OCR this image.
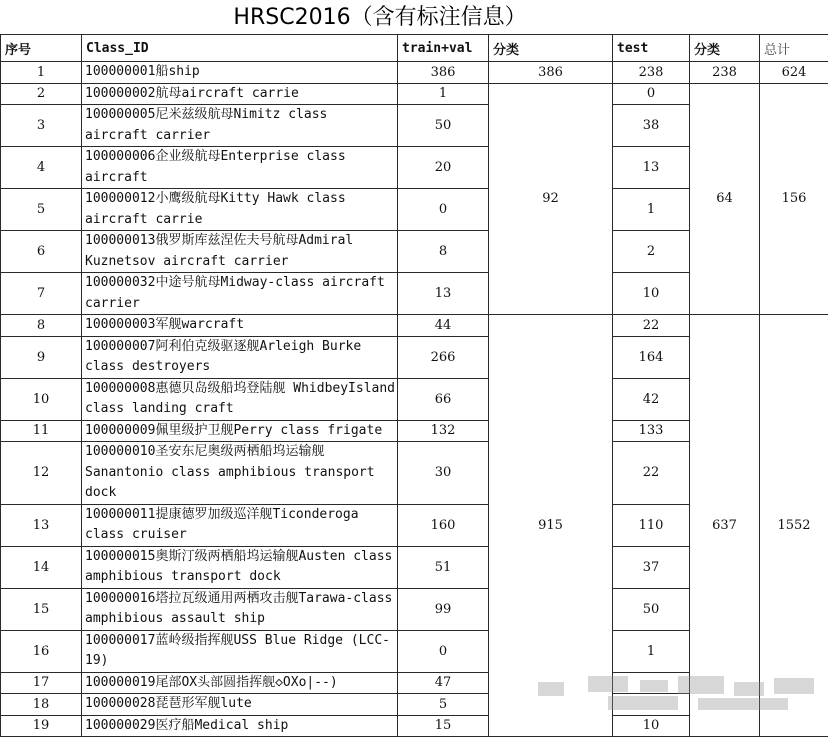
HRSC2016（含有标注信息）
序号	Class_ID	train+val	分类	test	分类	总计
1	100000001船ship	386	386	238	238	624
2	100000002航母aircraft carrie	1	92	0	64	156
3	100000005尼米兹级航母Nimitz class aircraft carrier	50		38		
4	100000006企业级航母Enterprise class aircraft	20		13		
5	100000012小鹰级航母Kitty Hawk class aircraft carrie	0		1		
6	100000013俄罗斯库兹涅佐夫号航母Admiral Kuznetsov aircraft carrier	8		2		
7	100000032中途号航母Midway-class aircraft carrier	13		10		
8	100000003军舰warcraft	44	915	22	637	1552
9	100000007阿利伯克级驱逐舰Arleigh Burke class destroyers	266		164		
10	100000008惠德贝岛级船坞登陆舰 WhidbeyIsland class landing craft	66		42		
11	100000009佩里级护卫舰Perry class frigate	132		133		
12	100000010圣安东尼奥级两栖船坞运输舰 Sanantonio class amphibious transport dock	30		22		
13	100000011提康德罗加级巡洋舰Ticonderoga class cruiser	160		110		
14	100000015奥斯汀级两栖船坞运输舰Austen class amphibious transport dock	51		37		
15	100000016塔拉瓦级通用两栖攻击舰Tarawa-class amphibious assault ship	99		50		
16	100000017蓝岭级指挥舰USS Blue Ridge (LCC-19)	0		1		
17	100000019尾部OX头部圆指挥舰◇OXo|--)	47				
18	100000028琵琶形军舰lute	5				
19	100000029医疗船Medical ship	15		10		
